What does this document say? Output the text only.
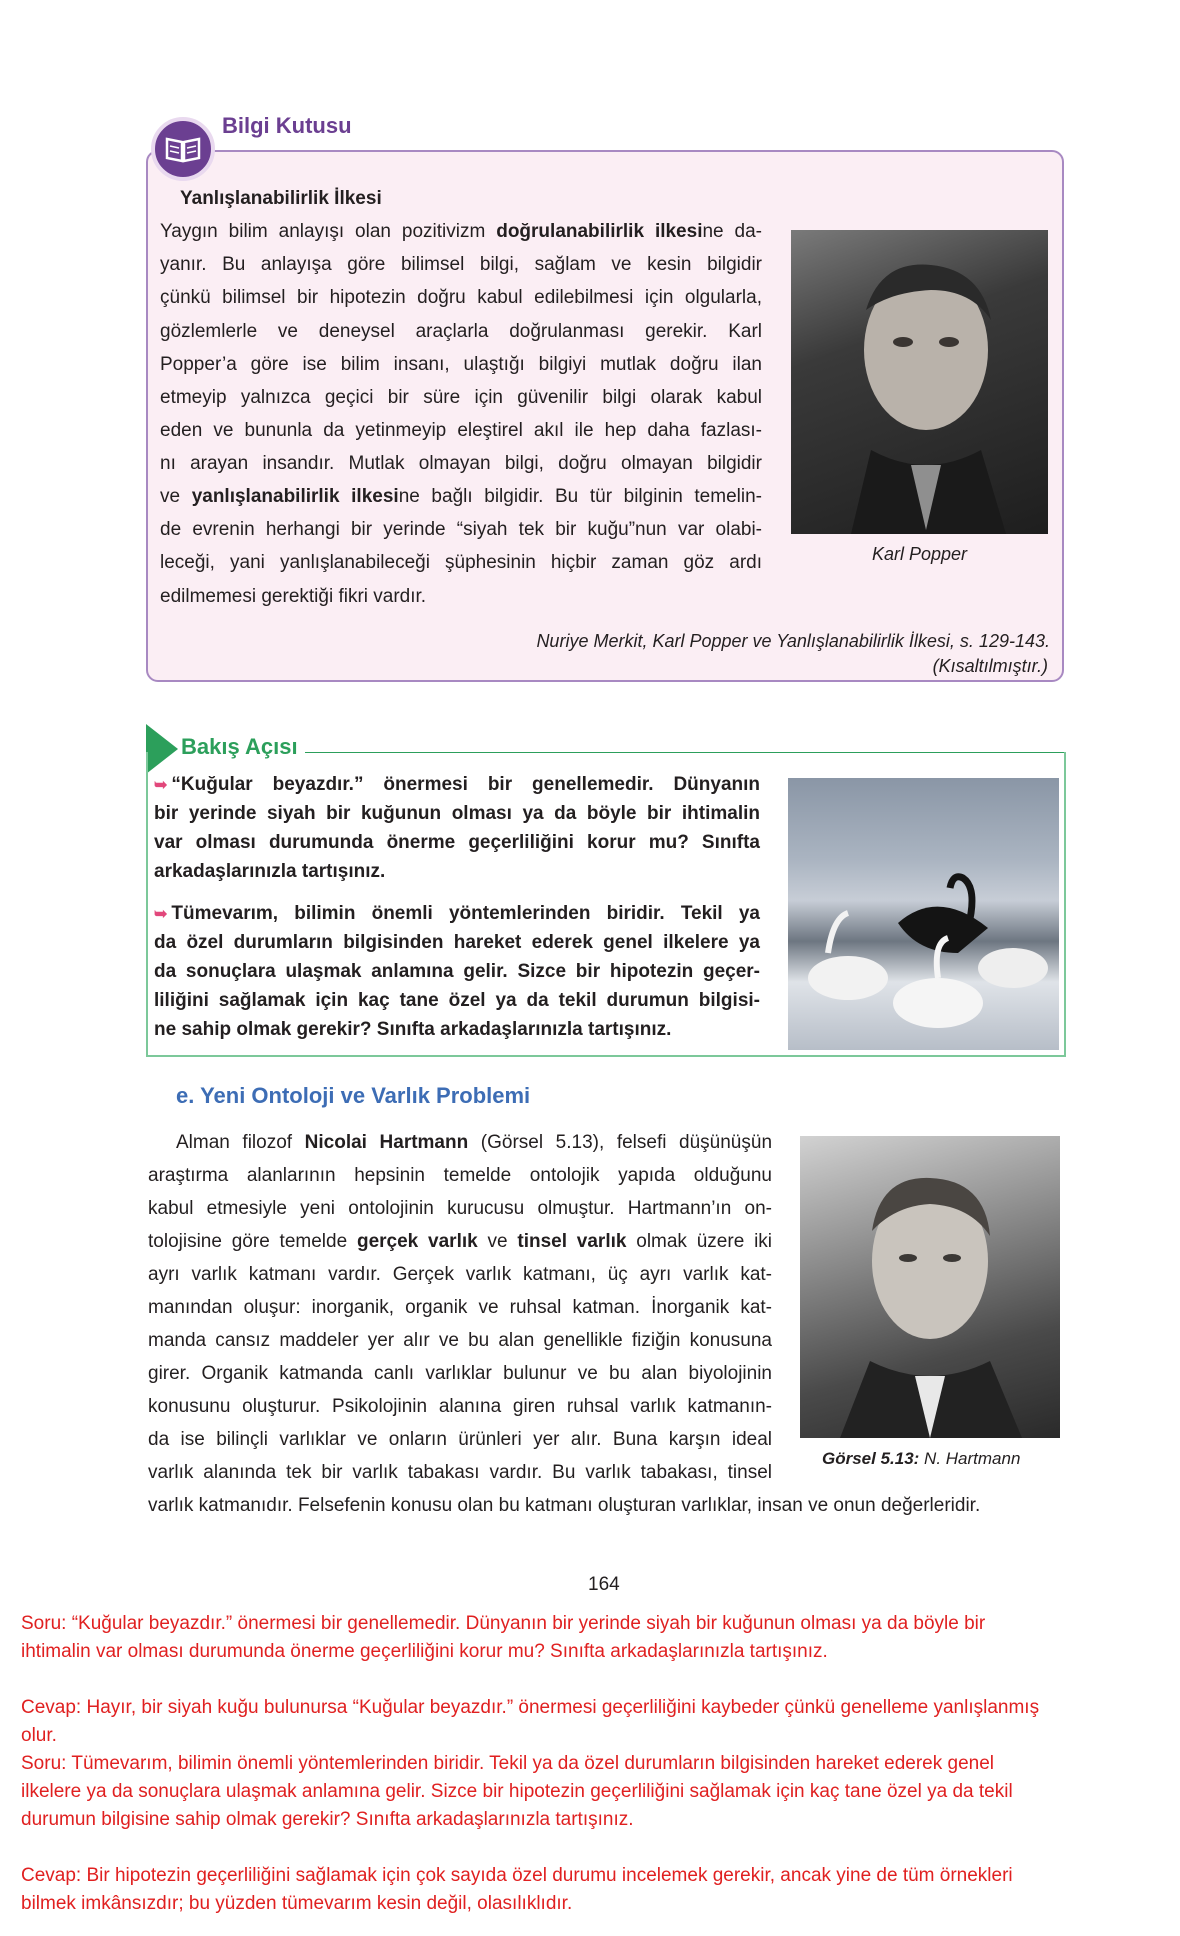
Bilgi Kutusu
Yanlışlanabilirlik İlkesi
Yaygın bilim anlayışı olan pozitivizm doğrulanabilirlik ilkesine da-
yanır. Bu anlayışa göre bilimsel bilgi, sağlam ve kesin bilgidir
çünkü bilimsel bir hipotezin doğru kabul edilebilmesi için olgularla,
gözlemlerle ve deneysel araçlarla doğrulanması gerekir. Karl
Popper’a göre ise bilim insanı, ulaştığı bilgiyi mutlak doğru ilan
etmeyip yalnızca geçici bir süre için güvenilir bilgi olarak kabul
eden ve bununla da yetinmeyip eleştirel akıl ile hep daha fazlası-
nı arayan insandır. Mutlak olmayan bilgi, doğru olmayan bilgidir
ve yanlışlanabilirlik ilkesine bağlı bilgidir. Bu tür bilginin temelin-
de evrenin herhangi bir yerinde “siyah tek bir kuğu”nun var olabi-
leceği, yani yanlışlanabileceği şüphesinin hiçbir zaman göz ardı
edilmemesi gerektiği fikri vardır.
Karl Popper
Nuriye Merkit, Karl Popper ve Yanlışlanabilirlik İlkesi, s. 129-143.
(Kısaltılmıştır.)
Bakış Açısı
➥ “Kuğular beyazdır.” önermesi bir genellemedir. Dünyanın
bir yerinde siyah bir kuğunun olması ya da böyle bir ihtimalin
var olması durumunda önerme geçerliliğini korur mu? Sınıfta
arkadaşlarınızla tartışınız.
➥ Tümevarım, bilimin önemli yöntemlerinden biridir. Tekil ya
da özel durumların bilgisinden hareket ederek genel ilkelere ya
da sonuçlara ulaşmak anlamına gelir. Sizce bir hipotezin geçer-
liliğini sağlamak için kaç tane özel ya da tekil durumun bilgisi-
ne sahip olmak gerekir? Sınıfta arkadaşlarınızla tartışınız.
e. Yeni Ontoloji ve Varlık Problemi
Alman filozof Nicolai Hartmann (Görsel 5.13), felsefi düşünüşün
araştırma alanlarının hepsinin temelde ontolojik yapıda olduğunu
kabul etmesiyle yeni ontolojinin kurucusu olmuştur. Hartmann’ın on-
tolojisine göre temelde gerçek varlık ve tinsel varlık olmak üzere iki
ayrı varlık katmanı vardır. Gerçek varlık katmanı, üç ayrı varlık kat-
manından oluşur: inorganik, organik ve ruhsal katman. İnorganik kat-
manda cansız maddeler yer alır ve bu alan genellikle fiziğin konusuna
girer. Organik katmanda canlı varlıklar bulunur ve bu alan biyolojinin
konusunu oluşturur. Psikolojinin alanına giren ruhsal varlık katmanın-
da ise bilinçli varlıklar ve onların ürünleri yer alır. Buna karşın ideal
varlık alanında tek bir varlık tabakası vardır. Bu varlık tabakası, tinsel
varlık katmanıdır. Felsefenin konusu olan bu katmanı oluşturan varlıklar, insan ve onun değerleridir.
Görsel 5.13: N. Hartmann
164
Soru: “Kuğular beyazdır.” önermesi bir genellemedir. Dünyanın bir yerinde siyah bir kuğunun olması ya da böyle bir
ihtimalin var olması durumunda önerme geçerliliğini korur mu? Sınıfta arkadaşlarınızla tartışınız.
Cevap: Hayır, bir siyah kuğu bulunursa “Kuğular beyazdır.” önermesi geçerliliğini kaybeder çünkü genelleme yanlışlanmış
olur.
Soru: Tümevarım, bilimin önemli yöntemlerinden biridir. Tekil ya da özel durumların bilgisinden hareket ederek genel
ilkelere ya da sonuçlara ulaşmak anlamına gelir. Sizce bir hipotezin geçerliliğini sağlamak için kaç tane özel ya da tekil
durumun bilgisine sahip olmak gerekir? Sınıfta arkadaşlarınızla tartışınız.
Cevap: Bir hipotezin geçerliliğini sağlamak için çok sayıda özel durumu incelemek gerekir, ancak yine de tüm örnekleri
bilmek imkânsızdır; bu yüzden tümevarım kesin değil, olasılıklıdır.
